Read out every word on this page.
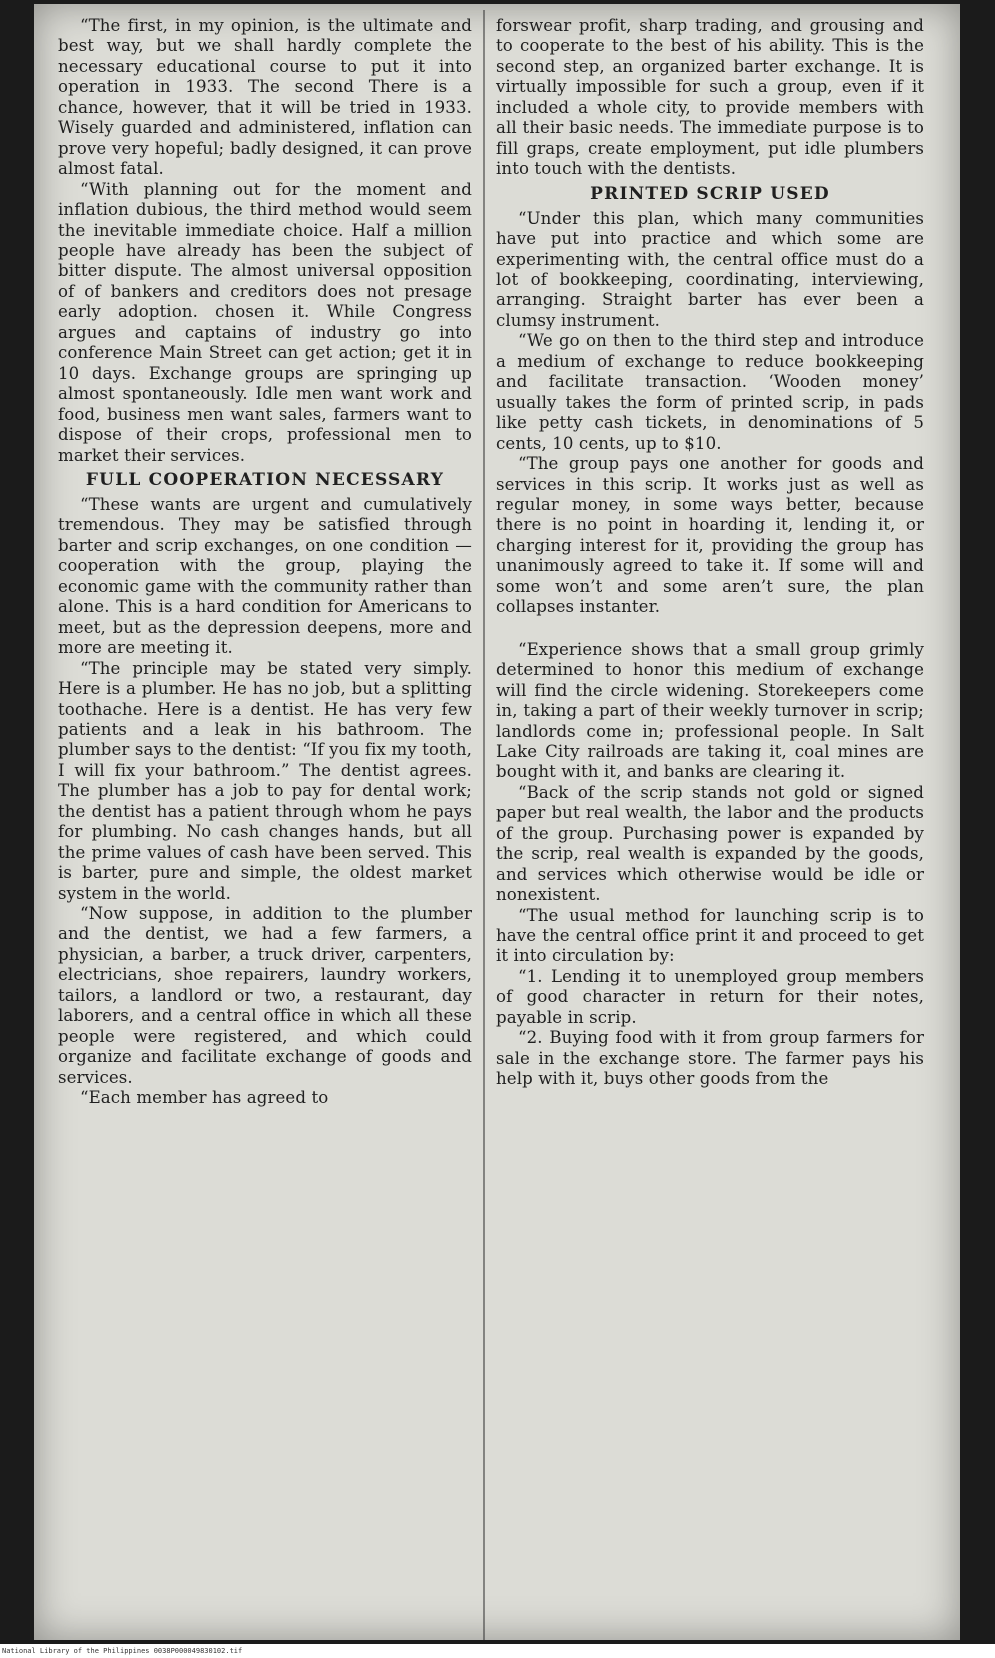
“The first, in my opinion, is the ultimate and best way, but we shall hardly complete the necessary educational course to put it into operation in 1933. The second There is a chance, however, that it will be tried in 1933. Wisely guarded and administered, inflation can prove very hopeful; badly designed, it can prove almost fatal.

“With planning out for the moment and inflation dubious, the third method would seem the inevitable immediate choice. Half a million people have already has been the subject of bitter dispute. The almost universal opposition of of bankers and creditors does not presage early adoption. chosen it. While Congress argues and captains of industry go into conference Main Street can get action; get it in 10 days. Exchange groups are springing up almost spontaneously. Idle men want work and food, business men want sales, farmers want to dispose of their crops, professional men to market their services.

FULL COOPERATION NECESSARY

“These wants are urgent and cumulatively tremendous. They may be satisfied through barter and scrip exchanges, on one condition —cooperation with the group, playing the economic game with the community rather than alone. This is a hard condition for Americans to meet, but as the depression deepens, more and more are meeting it.

“The principle may be stated very simply. Here is a plumber. He has no job, but a splitting toothache. Here is a dentist. He has very few patients and a leak in his bathroom. The plumber says to the dentist: “If you fix my tooth, I will fix your bathroom.” The dentist agrees. The plumber has a job to pay for dental work; the dentist has a patient through whom he pays for plumbing. No cash changes hands, but all the prime values of cash have been served. This is barter, pure and simple, the oldest market system in the world.

“Now suppose, in addition to the plumber and the dentist, we had a few farmers, a physician, a barber, a truck driver, carpenters, electricians, shoe repairers, laundry workers, tailors, a landlord or two, a restaurant, day laborers, and a central office in which all these people were registered, and which could organize and facilitate exchange of goods and services.

“Each member has agreed to

forswear profit, sharp trading, and grousing and to cooperate to the best of his ability. This is the second step, an organized barter exchange. It is virtually impossible for such a group, even if it included a whole city, to provide members with all their basic needs. The immediate purpose is to fill graps, create employment, put idle plumbers into touch with the dentists.

PRINTED SCRIP USED

“Under this plan, which many communities have put into practice and which some are experimenting with, the central office must do a lot of bookkeeping, coordinating, interviewing, arranging. Straight barter has ever been a clumsy instrument.

“We go on then to the third step and introduce a medium of exchange to reduce bookkeeping and facilitate transaction. ‘Wooden money’ usually takes the form of printed scrip, in pads like petty cash tickets, in denominations of 5 cents, 10 cents, up to $10.

“The group pays one another for goods and services in this scrip. It works just as well as regular money, in some ways better, because there is no point in hoarding it, lending it, or charging interest for it, providing the group has unanimously agreed to take it. If some will and some won’t and some aren’t sure, the plan collapses instanter.

“Experience shows that a small group grimly determined to honor this medium of exchange will find the circle widening. Storekeepers come in, taking a part of their weekly turnover in scrip; landlords come in; professional people. In Salt Lake City railroads are taking it, coal mines are bought with it, and banks are clearing it.

“Back of the scrip stands not gold or signed paper but real wealth, the labor and the products of the group. Purchasing power is expanded by the scrip, real wealth is expanded by the goods, and services which otherwise would be idle or nonexistent.

“The usual method for launching scrip is to have the central office print it and proceed to get it into circulation by:

“1. Lending it to unemployed group members of good character in return for their notes, payable in scrip.

“2. Buying food with it from group farmers for sale in the exchange store. The farmer pays his help with it, buys other goods from the

National Library of the Philippines 0038P000049830102.tif
